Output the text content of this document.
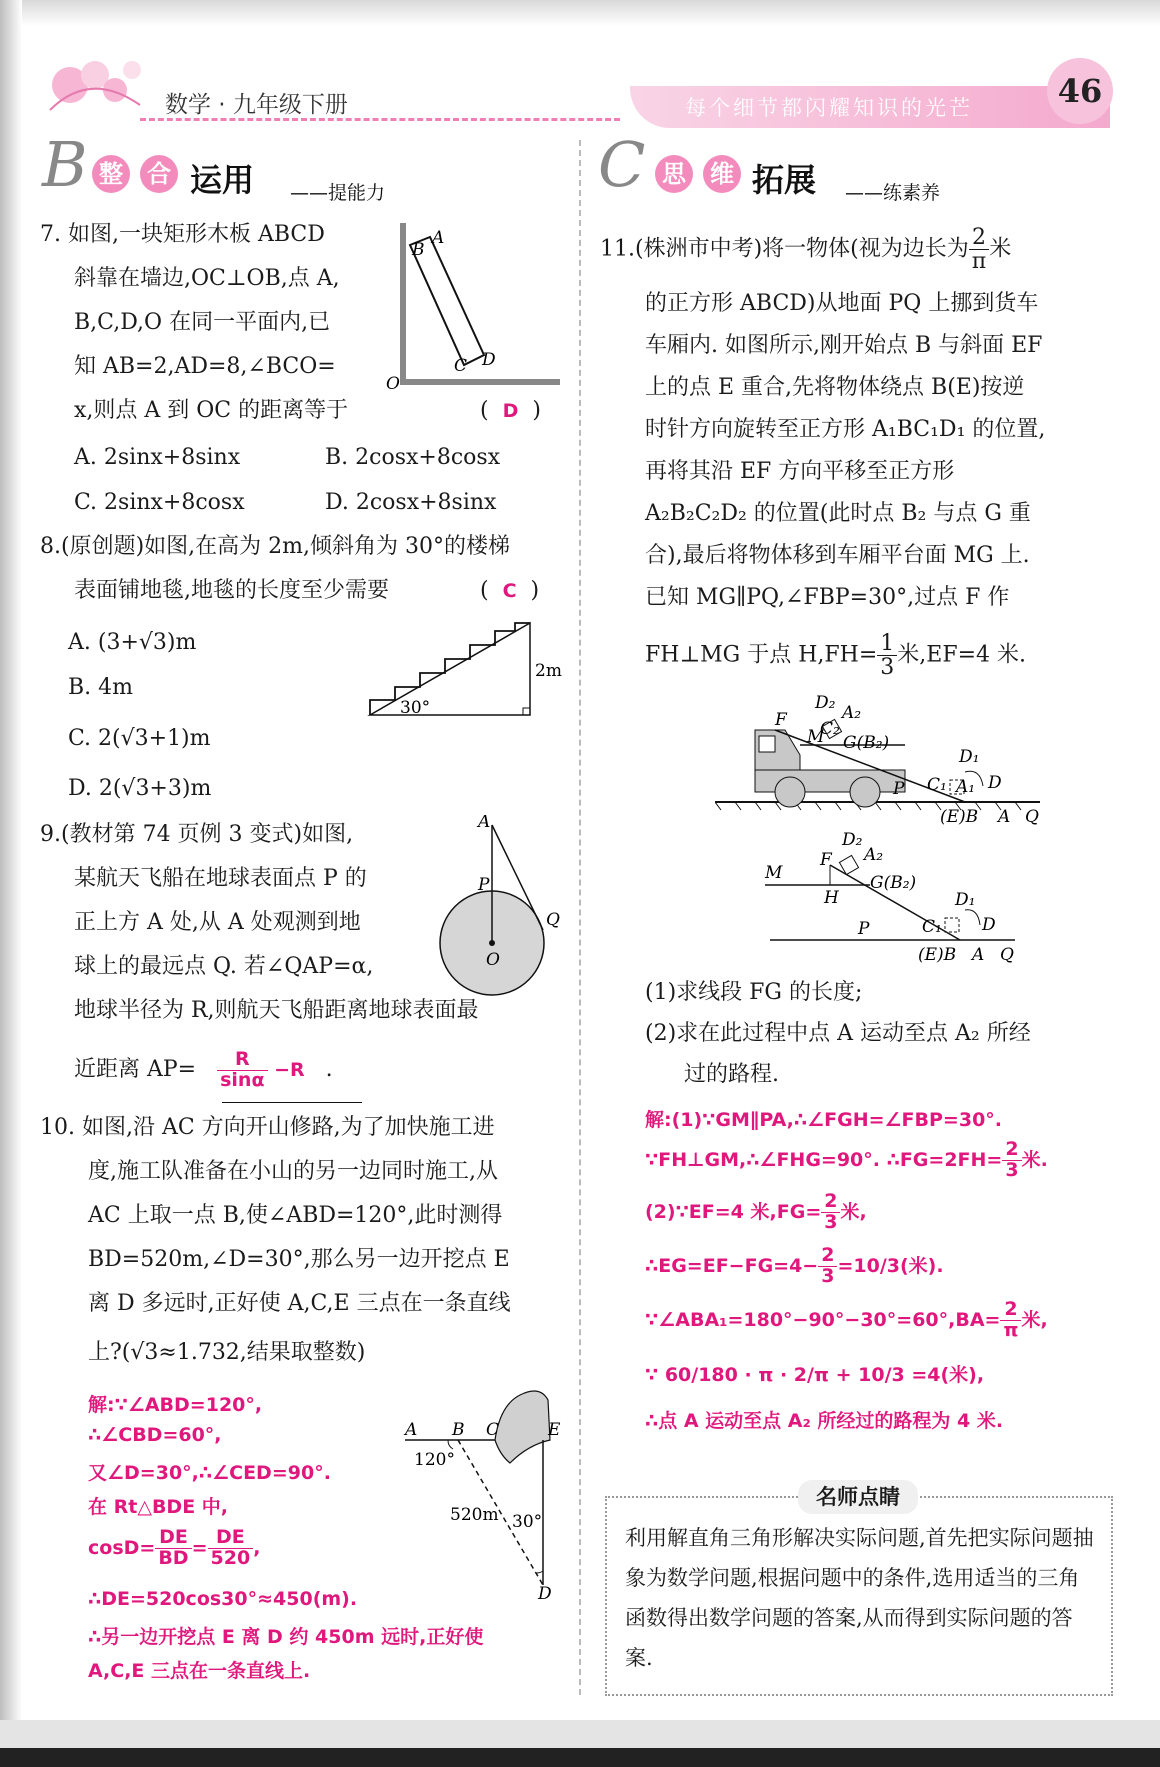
数学 · 九年级下册	每个细节都闪耀知识的光芒	46
B 整 合 运用 ——提能力	C 思 维 拓展 ——练素养
7. 如图,一块矩形木板 ABCD
斜靠在墙边,OC⊥OB,点 A,
B,C,D,O 在同一平面内,已
知 AB=2,AD=8,∠BCO=
x,则点 A 到 OC 的距离等于	(  D  )
A. 2sinx+8sinx	B. 2cosx+8cosx
C. 2sinx+8cosx	D. 2cosx+8sinx
B
A
C D
O
8.(原创题)如图,在高为 2m,倾斜角为 30°的楼梯
表面铺地毯,地毯的长度至少需要	(  C  )
A. (3+√3)m
B. 4m
C. 2(√3+1)m
D. 2(√3+3)m
30°
2m
9.(教材第 74 页例 3 变式)如图,
某航天飞船在地球表面点 P 的
正上方 A 处,从 A 处观测到地
球上的最远点 Q. 若∠QAP=α,
地球半径为 R,则航天飞船距离地球表面最
近距离 $AP= \frac{R}{\sin\alpha} -R$   .
A
P
Q
O
10. 如图,沿 AC 方向开山修路,为了加快施工进
度,施工队准备在小山的另一边同时施工,从
AC 上取一点 B,使∠ABD=120°,此时测得
BD=520m,∠D=30°,那么另一边开挖点 E
离 D 多远时,正好使 A,C,E 三点在一条直线
上?(√3≈1.732,结果取整数)
解:∵∠ABD=120°,
∴∠CBD=60°,
又∠D=30°,∴∠CED=90°.
在 Rt△BDE 中,
$\cos D= \frac{DE}{BD} = \frac{DE}{520}$ ,
∴DE=520cos30°≈450(m).
∴另一边开挖点 E 离 D 约 450m 远时,正好使
A,C,E 三点在一条直线上.
A B C	E
D
120°
520m 30°
11.(株洲市中考)将一物体(视为边长为 $\frac{2}{\pi}$ 米
的正方形 ABCD)从地面 PQ 上挪到货车
车厢内. 如图所示,刚开始点 B 与斜面 EF
上的点 E 重合,先将物体绕点 B(E)按逆
时针方向旋转至正方形 A₁BC₁D₁ 的位置,
再将其沿 EF 方向平移至正方形
A₂B₂C₂D₂ 的位置(此时点 B₂ 与点 G 重
合),最后将物体移到车厢平台面 MG 上.
已知 MG∥PQ,∠FBP=30°,过点 F 作
FH⊥MG 于点 $H,FH= \frac{1}{3}$ 米,EF=4 米.
M
F
D₂
C₂
A₂
G(B₂)
D₁
C₁ A₁ D
P
(E)B A Q
M
F
H
D₂
A₂
G(B₂)
D₁
C₁ D
P
(E)B A Q
(1)求线段 FG 的长度;
(2)求在此过程中点 A 运动至点 A₂ 所经
过的路程.
解:(1)∵GM∥PA,∴∠FGH=∠FBP=30°.
∵FH⊥GM,∴∠FHG=90°. ∴FG=2FH= $\frac{2}{3}$ 米.
(2)∵EF=4 米$,FG= \frac{2}{3}$ 米,
∴EG=EF−FG=4− $\frac{2}{3} =10/3$(米).
∵∠ABA₁=180°−90°−30°=60°,BA= $\frac{2}{\pi}$ 米,
∵ 60/180 · π · 2/π + 10/3 =4(米),
∴点 A 运动至点 A₂ 所经过的路程为 4 米.
名师点睛
利用解直角三角形解决实际问题,首先把实际问题抽象为数学问题,根据问题中的条件,选用适当的三角函数得出数学问题的答案,从而得到实际问题的答案.
